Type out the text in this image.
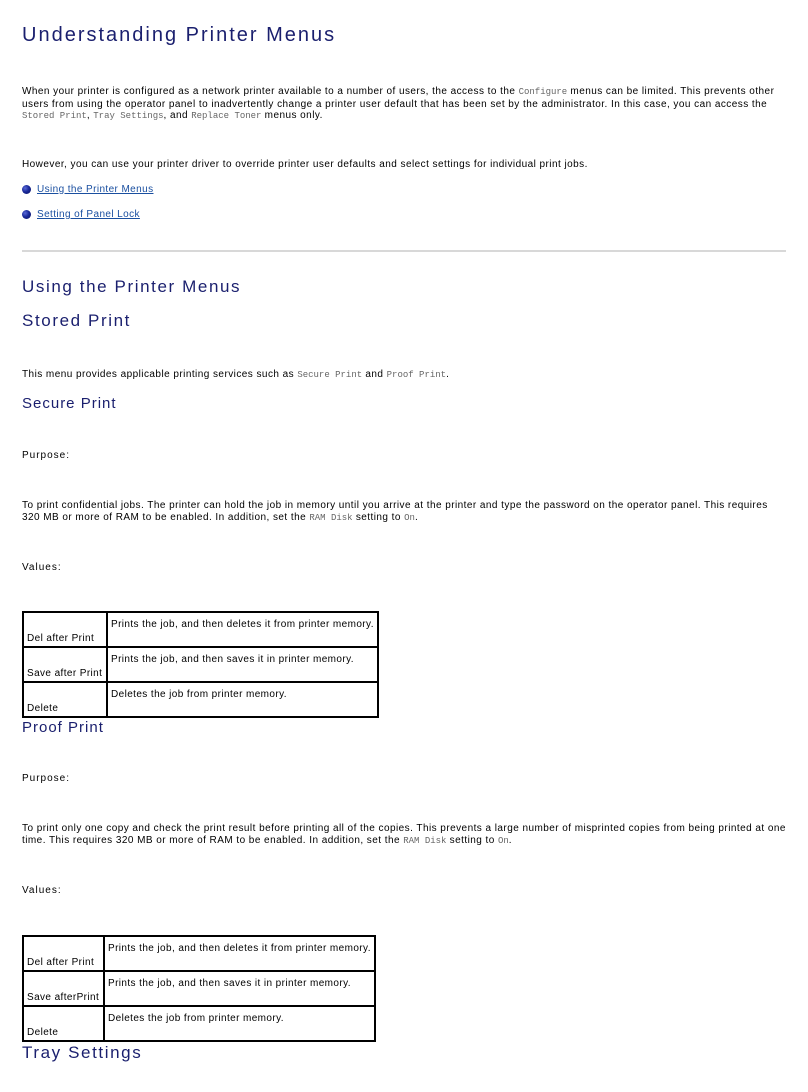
Understanding Printer Menus

When your printer is configured as a network printer available to a number of users, the access to the Configure menus can be limited. This prevents other users from using the operator panel to inadvertently change a printer user default that has been set by the administrator. In this case, you can access the Stored Print, Tray Settings, and Replace Toner menus only.

However, you can use your printer driver to override printer user defaults and select settings for individual print jobs.

Using the Printer Menus
Setting of Panel Lock
Using the Printer Menus
Stored Print

This menu provides applicable printing services such as Secure Print and Proof Print.

Secure Print

Purpose:

To print confidential jobs. The printer can hold the job in memory until you arrive at the printer and type the password on the operator panel. This requires 320 MB or more of RAM to be enabled. In addition, set the RAM Disk setting to On.

Values:

Del after Print	Prints the job, and then deletes it from printer memory.
Save after Print	Prints the job, and then saves it in printer memory.
Delete	Deletes the job from printer memory.
Proof Print

Purpose:

To print only one copy and check the print result before printing all of the copies. This prevents a large number of misprinted copies from being printed at one time. This requires 320 MB or more of RAM to be enabled. In addition, set the RAM Disk setting to On.

Values:

Del after Print	Prints the job, and then deletes it from printer memory.
Save afterPrint	Prints the job, and then saves it in printer memory.
Delete	Deletes the job from printer memory.
Tray Settings
